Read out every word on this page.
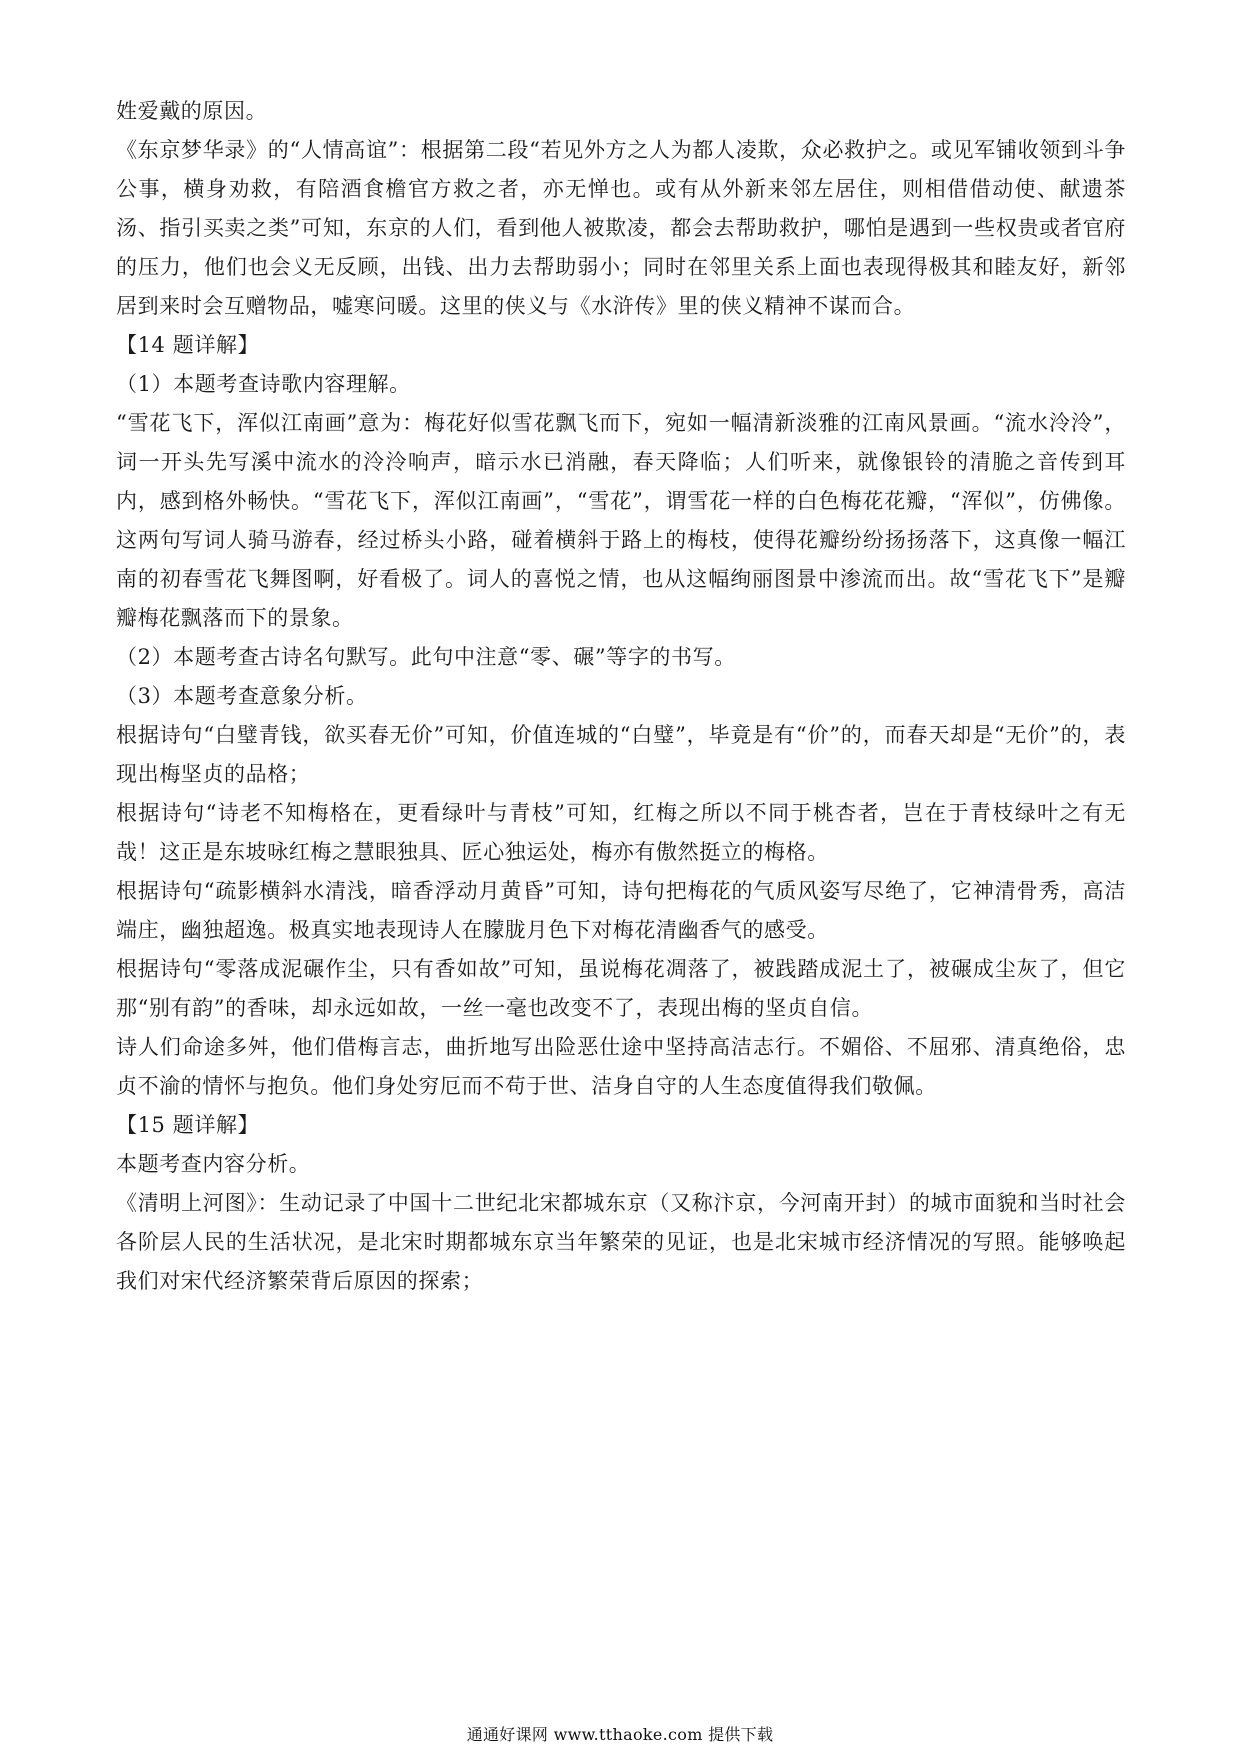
姓爱戴的原因。

《东京梦华录》的“人情高谊”：根据第二段“若见外方之人为都人凌欺，众必救护之。或见军铺收领到斗争公事，横身劝救，有陪酒食檐官方救之者，亦无惮也。或有从外新来邻左居住，则相借借动使、献遗茶汤、指引买卖之类”可知，东京的人们，看到他人被欺凌，都会去帮助救护，哪怕是遇到一些权贵或者官府的压力，他们也会义无反顾，出钱、出力去帮助弱小；同时在邻里关系上面也表现得极其和睦友好，新邻居到来时会互赠物品，嘘寒问暖。这里的侠义与《水浒传》里的侠义精神不谋而合。

【14 题详解】

（1）本题考查诗歌内容理解。

“雪花飞下，浑似江南画”意为：梅花好似雪花飘飞而下，宛如一幅清新淡雅的江南风景画。“流水泠泠”，词一开头先写溪中流水的泠泠响声，暗示水已消融，春天降临；人们听来，就像银铃的清脆之音传到耳内，感到格外畅快。“雪花飞下，浑似江南画”，“雪花”，谓雪花一样的白色梅花花瓣，“浑似”，仿佛像。这两句写词人骑马游春，经过桥头小路，碰着横斜于路上的梅枝，使得花瓣纷纷扬扬落下，这真像一幅江南的初春雪花飞舞图啊，好看极了。词人的喜悦之情，也从这幅绚丽图景中渗流而出。故“雪花飞下”是瓣瓣梅花飘落而下的景象。

（2）本题考查古诗名句默写。此句中注意“零、碾”等字的书写。

（3）本题考查意象分析。

根据诗句“白璧青钱，欲买春无价”可知，价值连城的“白璧”，毕竟是有“价”的，而春天却是“无价”的，表现出梅坚贞的品格；

根据诗句“诗老不知梅格在，更看绿叶与青枝”可知，红梅之所以不同于桃杏者，岂在于青枝绿叶之有无哉！这正是东坡咏红梅之慧眼独具、匠心独运处，梅亦有傲然挺立的梅格。

根据诗句“疏影横斜水清浅，暗香浮动月黄昏”可知，诗句把梅花的气质风姿写尽绝了，它神清骨秀，高洁端庄，幽独超逸。极真实地表现诗人在朦胧月色下对梅花清幽香气的感受。

根据诗句“零落成泥碾作尘，只有香如故”可知，虽说梅花凋落了，被践踏成泥土了，被碾成尘灰了，但它那“别有韵”的香味，却永远如故，一丝一毫也改变不了，表现出梅的坚贞自信。

诗人们命途多舛，他们借梅言志，曲折地写出险恶仕途中坚持高洁志行。不媚俗、不屈邪、清真绝俗，忠贞不渝的情怀与抱负。他们身处穷厄而不苟于世、洁身自守的人生态度值得我们敬佩。

【15 题详解】

本题考查内容分析。

《清明上河图》：生动记录了中国十二世纪北宋都城东京（又称汴京，今河南开封）的城市面貌和当时社会各阶层人民的生活状况，是北宋时期都城东京当年繁荣的见证，也是北宋城市经济情况的写照。能够唤起我们对宋代经济繁荣背后原因的探索；

通通好课网 www.tthaoke.com 提供下载
